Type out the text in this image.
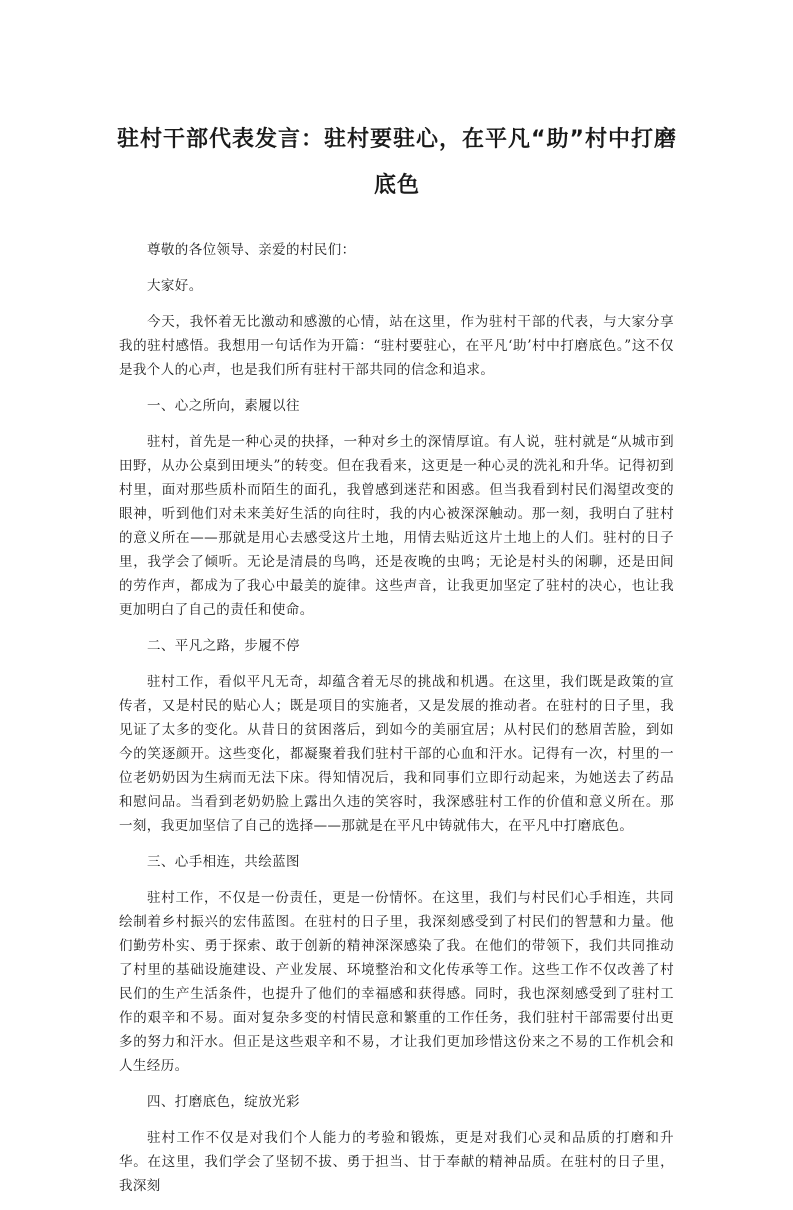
驻村干部代表发言：驻村要驻心，在平凡“助”村中打磨底色

尊敬的各位领导、亲爱的村民们：

大家好。

今天，我怀着无比激动和感激的心情，站在这里，作为驻村干部的代表，与大家分享我的驻村感悟。我想用一句话作为开篇：“驻村要驻心，在平凡‘助’村中打磨底色。”这不仅是我个人的心声，也是我们所有驻村干部共同的信念和追求。

一、心之所向，素履以往

驻村，首先是一种心灵的抉择，一种对乡土的深情厚谊。有人说，驻村就是“从城市到田野，从办公桌到田埂头”的转变。但在我看来，这更是一种心灵的洗礼和升华。记得初到村里，面对那些质朴而陌生的面孔，我曾感到迷茫和困惑。但当我看到村民们渴望改变的眼神，听到他们对未来美好生活的向往时，我的内心被深深触动。那一刻，我明白了驻村的意义所在——那就是用心去感受这片土地，用情去贴近这片土地上的人们。驻村的日子里，我学会了倾听。无论是清晨的鸟鸣，还是夜晚的虫鸣；无论是村头的闲聊，还是田间的劳作声，都成为了我心中最美的旋律。这些声音，让我更加坚定了驻村的决心，也让我更加明白了自己的责任和使命。

二、平凡之路，步履不停

驻村工作，看似平凡无奇，却蕴含着无尽的挑战和机遇。在这里，我们既是政策的宣传者，又是村民的贴心人；既是项目的实施者，又是发展的推动者。在驻村的日子里，我见证了太多的变化。从昔日的贫困落后，到如今的美丽宜居；从村民们的愁眉苦脸，到如今的笑逐颜开。这些变化，都凝聚着我们驻村干部的心血和汗水。记得有一次，村里的一位老奶奶因为生病而无法下床。得知情况后，我和同事们立即行动起来，为她送去了药品和慰问品。当看到老奶奶脸上露出久违的笑容时，我深感驻村工作的价值和意义所在。那一刻，我更加坚信了自己的选择——那就是在平凡中铸就伟大，在平凡中打磨底色。

三、心手相连，共绘蓝图

驻村工作，不仅是一份责任，更是一份情怀。在这里，我们与村民们心手相连，共同绘制着乡村振兴的宏伟蓝图。在驻村的日子里，我深刻感受到了村民们的智慧和力量。他们勤劳朴实、勇于探索、敢于创新的精神深深感染了我。在他们的带领下，我们共同推动了村里的基础设施建设、产业发展、环境整治和文化传承等工作。这些工作不仅改善了村民们的生产生活条件，也提升了他们的幸福感和获得感。同时，我也深刻感受到了驻村工作的艰辛和不易。面对复杂多变的村情民意和繁重的工作任务，我们驻村干部需要付出更多的努力和汗水。但正是这些艰辛和不易，才让我们更加珍惜这份来之不易的工作机会和人生经历。

四、打磨底色，绽放光彩

驻村工作不仅是对我们个人能力的考验和锻炼，更是对我们心灵和品质的打磨和升华。在这里，我们学会了坚韧不拔、勇于担当、甘于奉献的精神品质。在驻村的日子里，我深刻
